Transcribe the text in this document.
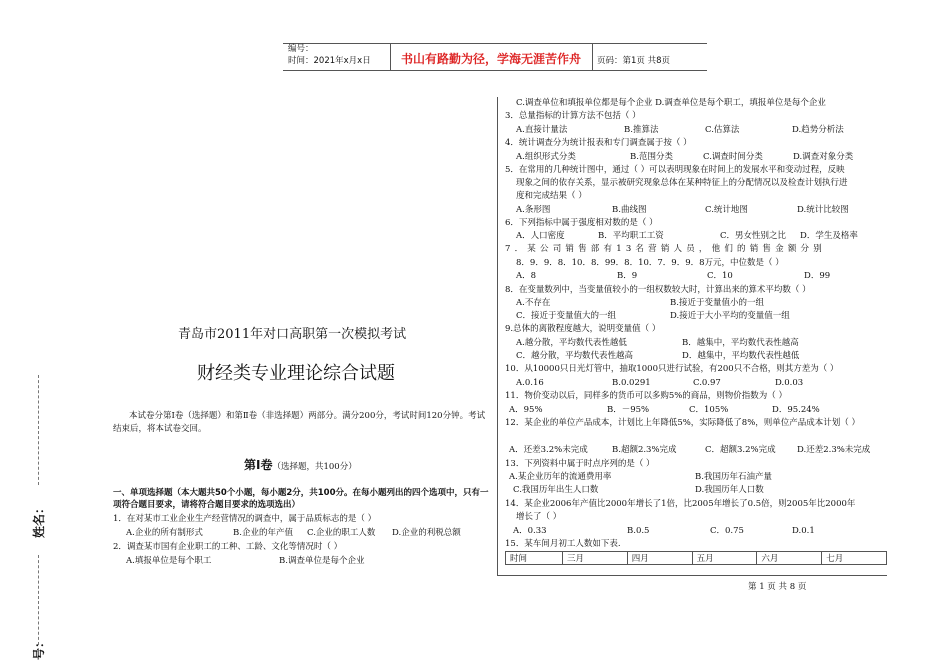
编号：
时间：2021年x月x日	书山有路勤为径，学海无涯苦作舟	页码：第1页 共8页
姓名：
号：
青岛市2011年对口高职第一次模拟考试
财经类专业理论综合试题
本试卷分第Ⅰ卷（选择题）和第Ⅱ卷（非选择题）两部分。满分200分，考试时间120分钟。考试结束后，将本试卷交回。
第Ⅰ卷（选择题，共100分）
一、单项选择题（本大题共50个小题，每小题2分，共100分。在每小题列出的四个选项中，只有一项符合题目要求，请将符合题目要求的选项选出）
1．在对某市工业企业生产经营情况的调查中，属于品质标志的是（ ）
A.企业的所有制形式	B.企业的年产值 C.企业的职工人数 D.企业的利税总额
2．调查某市国有企业职工的工种、工龄、文化等情况时（ ）
A.填报单位是每个职工	B.调查单位是每个企业
C.调查单位和填报单位都是每个企业 D.调查单位是每个职工，填报单位是每个企业
3．总量指标的计算方法不包括（ ）
A.直接计量法	B.推算法	C.估算法	D.趋势分析法
4．统计调查分为统计报表和专门调查属于按（ ）
A.组织形式分类	B.范围分类	C.调查时间分类	D.调查对象分类
5．在常用的几种统计图中，通过（ ）可以表明现象在时间上的发展水平和变动过程，反映
现象之间的依存关系，显示被研究现象总体在某种特征上的分配情况以及检查计划执行进
度和完成结果（ ）
A.条形图	B.曲线图	C.统计地图	D.统计比较图
6．下列指标中属于强度相对数的是（ ）
A．人口密度	B．平均职工工资	C．男女性别之比 D．学生及格率
7．某公司销售部有13名营销人员，他们的销售金额分别
8．9．9．8．10．8．99．8．10．7．9．9．8万元，中位数是（ ）
A．8	B．9	C．10	D．99
8．在变量数列中，当变量值较小的一组权数较大时，计算出来的算术平均数（ ）
A.不存在	B.接近于变量值小的一组
C．接近于变量值大的一组	D.接近于大小平均的变量值一组
9.总体的离散程度越大，说明变量值（ ）
A.越分散，平均数代表性越低	B．越集中，平均数代表性越高
C．越分散，平均数代表性越高	D．越集中，平均数代表性越低
10．从10000只日光灯管中，抽取1000只进行试验，有200只不合格，则其方差为（ ）
A.0.16	B.0.0291	C.0.97	D.0.03
11．物价变动以后，同样多的货币可以多购5%的商品，则物价指数为（ ）
A．95%	B．－95%	C．105%	D．95.24%
12．某企业的单位产品成本，计划比上年降低5%，实际降低了8%，则单位产品成本计划（ ）
A．还差3.2%未完成	B.超额2.3%完成	C．超额3.2%完成	D.还差2.3%未完成
13．下列资料中属于时点序列的是（ ）
A.某企业历年的流通费用率	B.我国历年石油产量
C.我国历年出生人口数	D.我国历年人口数
14．某企业2006年产值比2000年增长了1倍，比2005年增长了0.5倍，则2005年比2000年
增长了（ ）
A．0.33	B.0.5	C．0.75	D.0.1
15．某车间月初工人数如下表.
时间	三月	四月	五月	六月	七月
第 1 页 共 8 页
